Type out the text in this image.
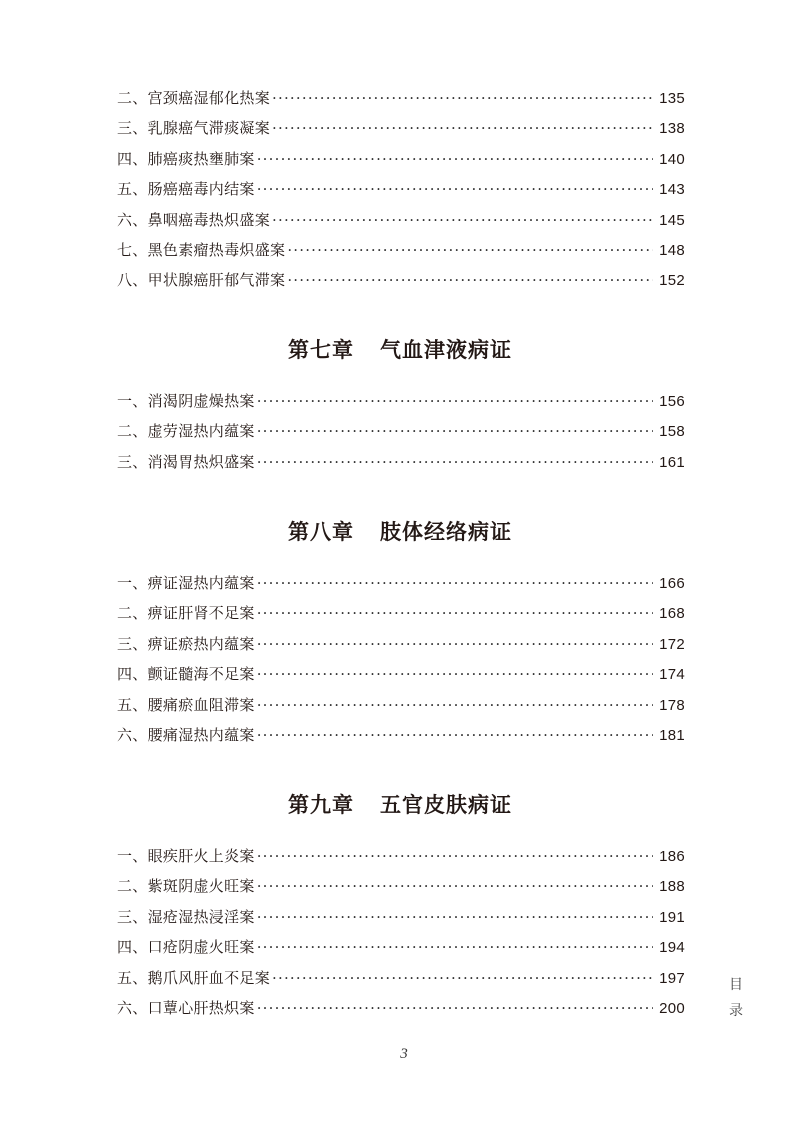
二、宫颈癌湿郁化热案 ·····	135
三、乳腺癌气滞痰凝案 ·····	138
四、肺癌痰热壅肺案 ·····	140
五、肠癌癌毒内结案 ·····	143
六、鼻咽癌毒热炽盛案 ·····	145
七、黑色素瘤热毒炽盛案 ·····	148
八、甲状腺癌肝郁气滞案 ·····	152
第七章 气血津液病证
一、消渴阴虚燥热案 ·····	156
二、虚劳湿热内蕴案 ·····	158
三、消渴胃热炽盛案 ·····	161
第八章 肢体经络病证
一、痹证湿热内蕴案 ·····	166
二、痹证肝肾不足案 ·····	168
三、痹证瘀热内蕴案 ·····	172
四、颤证髓海不足案 ·····	174
五、腰痛瘀血阻滞案 ·····	178
六、腰痛湿热内蕴案 ·····	181
第九章 五官皮肤病证
一、眼疾肝火上炎案 ·····	186
二、紫斑阴虚火旺案 ·····	188
三、湿疮湿热浸淫案 ·····	191
四、口疮阴虚火旺案 ·····	194
五、鹅爪风肝血不足案 ·····	197
六、口蕈心肝热炽案 ·····	200
目
录
3
